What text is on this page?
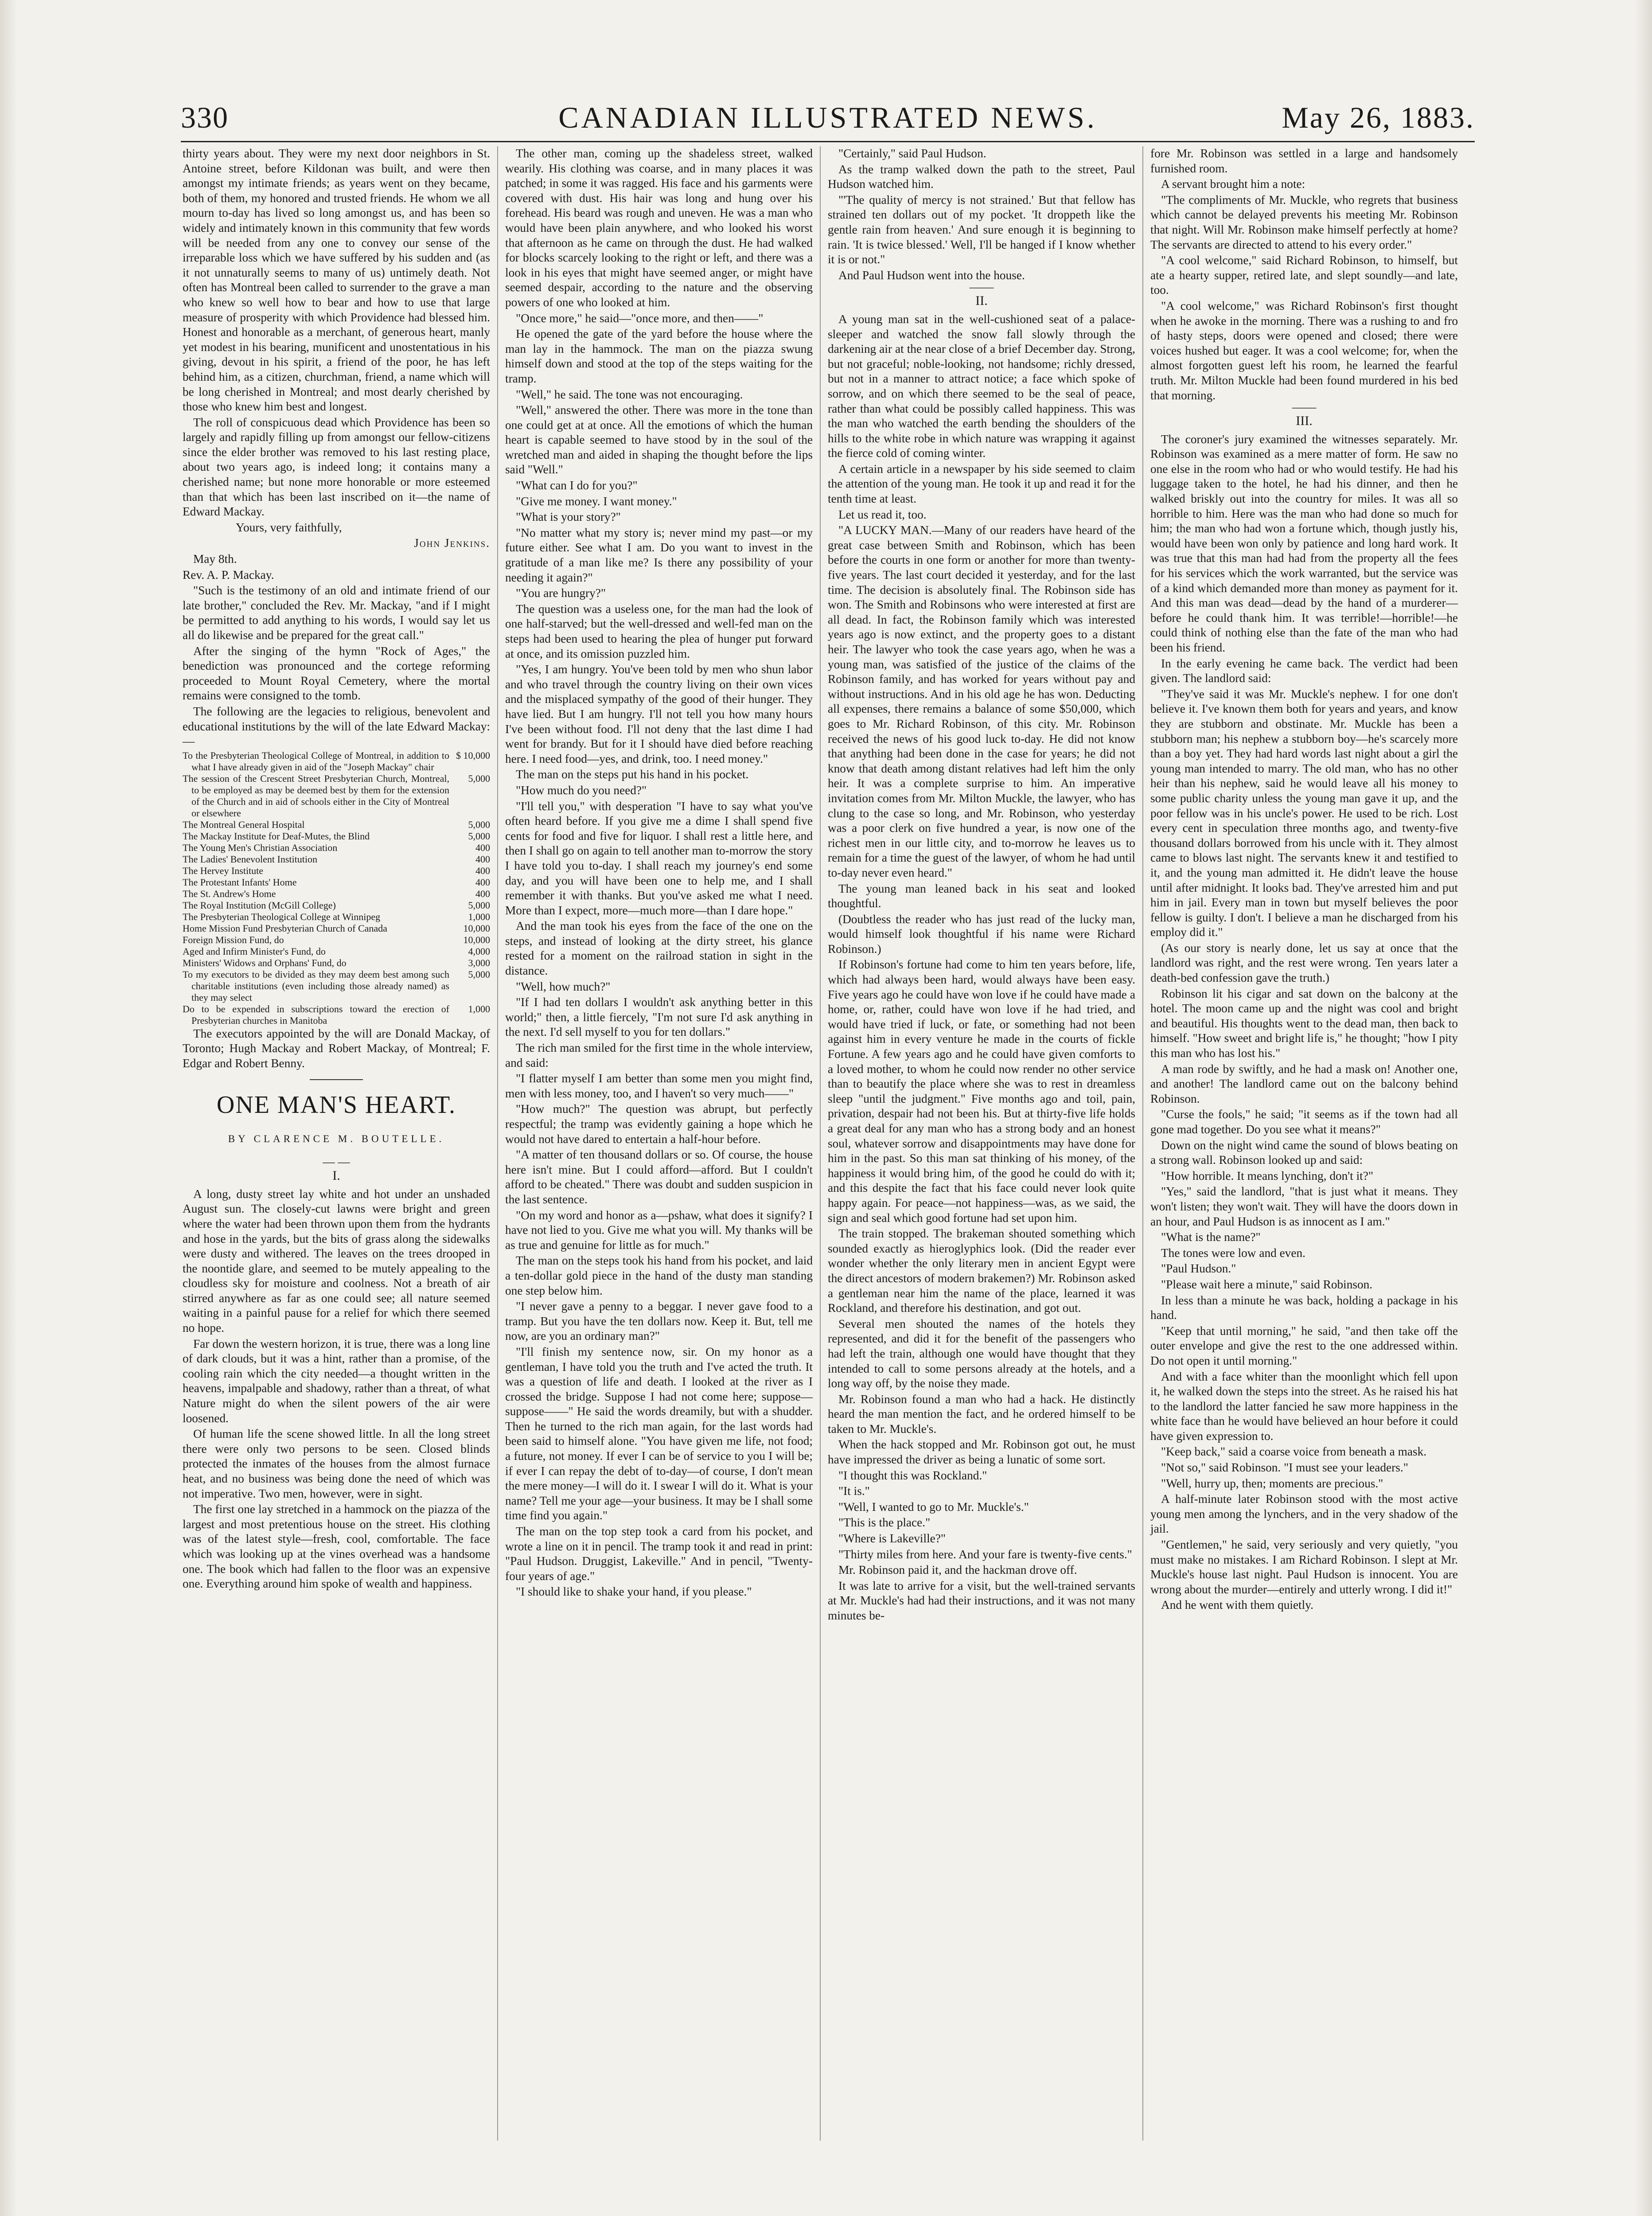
330	CANADIAN ILLUSTRATED NEWS.	May 26, 1883.

thirty years about. They were my next door neighbors in St. Antoine street, before Kildonan was built, and were then amongst my intimate friends; as years went on they became, both of them, my honored and trusted friends. He whom we all mourn to-day has lived so long amongst us, and has been so widely and intimately known in this community that few words will be needed from any one to convey our sense of the irreparable loss which we have suffered by his sudden and (as it not unnaturally seems to many of us) untimely death. Not often has Montreal been called to surrender to the grave a man who knew so well how to bear and how to use that large measure of prosperity with which Providence had blessed him. Honest and honorable as a merchant, of generous heart, manly yet modest in his bearing, munificent and unostentatious in his giving, devout in his spirit, a friend of the poor, he has left behind him, as a citizen, churchman, friend, a name which will be long cherished in Montreal; and most dearly cherished by those who knew him best and longest.

The roll of conspicuous dead which Providence has been so largely and rapidly filling up from amongst our fellow-citizens since the elder brother was removed to his last resting place, about two years ago, is indeed long; it contains many a cherished name; but none more honorable or more esteemed than that which has been last inscribed on it—the name of Edward Mackay.

Yours, very faithfully,

John Jenkins.

May 8th.

Rev. A. P. Mackay.

"Such is the testimony of an old and intimate friend of our late brother," concluded the Rev. Mr. Mackay, "and if I might be permitted to add anything to his words, I would say let us all do likewise and be prepared for the great call."

After the singing of the hymn "Rock of Ages," the benediction was pronounced and the cortege reforming proceeded to Mount Royal Cemetery, where the mortal remains were consigned to the tomb.

The following are the legacies to religious, benevolent and educational institutions by the will of the late Edward Mackay:—

To the Presbyterian Theological College of Montreal, in addition to what I have already given in aid of the "Joseph Mackay" chair
$ 10,000
The session of the Crescent Street Presbyterian Church, Montreal, to be employed as may be deemed best by them for the extension of the Church and in aid of schools either in the City of Montreal or elsewhere
5,000
The Montreal General Hospital	5,000
The Mackay Institute for Deaf-Mutes, the Blind	5,000
The Young Men's Christian Association	400
The Ladies' Benevolent Institution	400
The Hervey Institute	400
The Protestant Infants' Home	400
The St. Andrew's Home	400
The Royal Institution (McGill College)	5,000
The Presbyterian Theological College at Winnipeg	1,000
Home Mission Fund Presbyterian Church of Canada	10,000
Foreign Mission Fund, do	10,000
Aged and Infirm Minister's Fund, do	4,000
Ministers' Widows and Orphans' Fund, do	3,000
To my executors to be divided as they may deem best among such charitable institutions (even including those already named) as they may select
5,000
Do to be expended in subscriptions toward the erection of Presbyterian churches in Manitoba
1,000

The executors appointed by the will are Donald Mackay, of Toronto; Hugh Mackay and Robert Mackay, of Montreal; F. Edgar and Robert Benny.

ONE MAN'S HEART.
BY CLARENCE M. BOUTELLE.
— —
I.

A long, dusty street lay white and hot under an unshaded August sun. The closely-cut lawns were bright and green where the water had been thrown upon them from the hydrants and hose in the yards, but the bits of grass along the sidewalks were dusty and withered. The leaves on the trees drooped in the noontide glare, and seemed to be mutely appealing to the cloudless sky for moisture and coolness. Not a breath of air stirred anywhere as far as one could see; all nature seemed waiting in a painful pause for a relief for which there seemed no hope.

Far down the western horizon, it is true, there was a long line of dark clouds, but it was a hint, rather than a promise, of the cooling rain which the city needed—a thought written in the heavens, impalpable and shadowy, rather than a threat, of what Nature might do when the silent powers of the air were loosened.

Of human life the scene showed little. In all the long street there were only two persons to be seen. Closed blinds protected the inmates of the houses from the almost furnace heat, and no business was being done the need of which was not imperative. Two men, however, were in sight.

The first one lay stretched in a hammock on the piazza of the largest and most pretentious house on the street. His clothing was of the latest style—fresh, cool, comfortable. The face which was looking up at the vines overhead was a handsome one. The book which had fallen to the floor was an expensive one. Everything around him spoke of wealth and happiness.

The other man, coming up the shadeless street, walked wearily. His clothing was coarse, and in many places it was patched; in some it was ragged. His face and his garments were covered with dust. His hair was long and hung over his forehead. His beard was rough and uneven. He was a man who would have been plain anywhere, and who looked his worst that afternoon as he came on through the dust. He had walked for blocks scarcely looking to the right or left, and there was a look in his eyes that might have seemed anger, or might have seemed despair, according to the nature and the observing powers of one who looked at him.

"Once more," he said—"once more, and then——"

He opened the gate of the yard before the house where the man lay in the hammock. The man on the piazza swung himself down and stood at the top of the steps waiting for the tramp.

"Well," he said. The tone was not encouraging.

"Well," answered the other. There was more in the tone than one could get at at once. All the emotions of which the human heart is capable seemed to have stood by in the soul of the wretched man and aided in shaping the thought before the lips said "Well."

"What can I do for you?"

"Give me money. I want money."

"What is your story?"

"No matter what my story is; never mind my past—or my future either. See what I am. Do you want to invest in the gratitude of a man like me? Is there any possibility of your needing it again?"

"You are hungry?"

The question was a useless one, for the man had the look of one half-starved; but the well-dressed and well-fed man on the steps had been used to hearing the plea of hunger put forward at once, and its omission puzzled him.

"Yes, I am hungry. You've been told by men who shun labor and who travel through the country living on their own vices and the misplaced sympathy of the good of their hunger. They have lied. But I am hungry. I'll not tell you how many hours I've been without food. I'll not deny that the last dime I had went for brandy. But for it I should have died before reaching here. I need food—yes, and drink, too. I need money."

The man on the steps put his hand in his pocket.

"How much do you need?"

"I'll tell you," with desperation "I have to say what you've often heard before. If you give me a dime I shall spend five cents for food and five for liquor. I shall rest a little here, and then I shall go on again to tell another man to-morrow the story I have told you to-day. I shall reach my journey's end some day, and you will have been one to help me, and I shall remember it with thanks. But you've asked me what I need. More than I expect, more—much more—than I dare hope."

And the man took his eyes from the face of the one on the steps, and instead of looking at the dirty street, his glance rested for a moment on the railroad station in sight in the distance.

"Well, how much?"

"If I had ten dollars I wouldn't ask anything better in this world;" then, a little fiercely, "I'm not sure I'd ask anything in the next. I'd sell myself to you for ten dollars."

The rich man smiled for the first time in the whole interview, and said:

"I flatter myself I am better than some men you might find, men with less money, too, and I haven't so very much——"

"How much?" The question was abrupt, but perfectly respectful; the tramp was evidently gaining a hope which he would not have dared to entertain a half-hour before.

"A matter of ten thousand dollars or so. Of course, the house here isn't mine. But I could afford—afford. But I couldn't afford to be cheated." There was doubt and sudden suspicion in the last sentence.

"On my word and honor as a—pshaw, what does it signify? I have not lied to you. Give me what you will. My thanks will be as true and genuine for little as for much."

The man on the steps took his hand from his pocket, and laid a ten-dollar gold piece in the hand of the dusty man standing one step below him.

"I never gave a penny to a beggar. I never gave food to a tramp. But you have the ten dollars now. Keep it. But, tell me now, are you an ordinary man?"

"I'll finish my sentence now, sir. On my honor as a gentleman, I have told you the truth and I've acted the truth. It was a question of life and death. I looked at the river as I crossed the bridge. Suppose I had not come here; suppose—suppose——" He said the words dreamily, but with a shudder. Then he turned to the rich man again, for the last words had been said to himself alone. "You have given me life, not food; a future, not money. If ever I can be of service to you I will be; if ever I can repay the debt of to-day—of course, I don't mean the mere money—I will do it. I swear I will do it. What is your name? Tell me your age—your business. It may be I shall some time find you again."

The man on the top step took a card from his pocket, and wrote a line on it in pencil. The tramp took it and read in print: "Paul Hudson. Druggist, Lakeville." And in pencil, "Twenty-four years of age."

"I should like to shake your hand, if you please."

"Certainly," said Paul Hudson.

As the tramp walked down the path to the street, Paul Hudson watched him.

"'The quality of mercy is not strained.' But that fellow has strained ten dollars out of my pocket. 'It droppeth like the gentle rain from heaven.' And sure enough it is beginning to rain. 'It is twice blessed.' Well, I'll be hanged if I know whether it is or not."

And Paul Hudson went into the house.

——
II.

A young man sat in the well-cushioned seat of a palace-sleeper and watched the snow fall slowly through the darkening air at the near close of a brief December day. Strong, but not graceful; noble-looking, not handsome; richly dressed, but not in a manner to attract notice; a face which spoke of sorrow, and on which there seemed to be the seal of peace, rather than what could be possibly called happiness. This was the man who watched the earth bending the shoulders of the hills to the white robe in which nature was wrapping it against the fierce cold of coming winter.

A certain article in a newspaper by his side seemed to claim the attention of the young man. He took it up and read it for the tenth time at least.

Let us read it, too.

"A LUCKY MAN.—Many of our readers have heard of the great case between Smith and Robinson, which has been before the courts in one form or another for more than twenty-five years. The last court decided it yesterday, and for the last time. The decision is absolutely final. The Robinson side has won. The Smith and Robinsons who were interested at first are all dead. In fact, the Robinson family which was interested years ago is now extinct, and the property goes to a distant heir. The lawyer who took the case years ago, when he was a young man, was satisfied of the justice of the claims of the Robinson family, and has worked for years without pay and without instructions. And in his old age he has won. Deducting all expenses, there remains a balance of some $50,000, which goes to Mr. Richard Robinson, of this city. Mr. Robinson received the news of his good luck to-day. He did not know that anything had been done in the case for years; he did not know that death among distant relatives had left him the only heir. It was a complete surprise to him. An imperative invitation comes from Mr. Milton Muckle, the lawyer, who has clung to the case so long, and Mr. Robinson, who yesterday was a poor clerk on five hundred a year, is now one of the richest men in our little city, and to-morrow he leaves us to remain for a time the guest of the lawyer, of whom he had until to-day never even heard."

The young man leaned back in his seat and looked thoughtful.

(Doubtless the reader who has just read of the lucky man, would himself look thoughtful if his name were Richard Robinson.)

If Robinson's fortune had come to him ten years before, life, which had always been hard, would always have been easy. Five years ago he could have won love if he could have made a home, or, rather, could have won love if he had tried, and would have tried if luck, or fate, or something had not been against him in every venture he made in the courts of fickle Fortune. A few years ago and he could have given comforts to a loved mother, to whom he could now render no other service than to beautify the place where she was to rest in dreamless sleep "until the judgment." Five months ago and toil, pain, privation, despair had not been his. But at thirty-five life holds a great deal for any man who has a strong body and an honest soul, whatever sorrow and disappointments may have done for him in the past. So this man sat thinking of his money, of the happiness it would bring him, of the good he could do with it; and this despite the fact that his face could never look quite happy again. For peace—not happiness—was, as we said, the sign and seal which good fortune had set upon him.

The train stopped. The brakeman shouted something which sounded exactly as hieroglyphics look. (Did the reader ever wonder whether the only literary men in ancient Egypt were the direct ancestors of modern brakemen?) Mr. Robinson asked a gentleman near him the name of the place, learned it was Rockland, and therefore his destination, and got out.

Several men shouted the names of the hotels they represented, and did it for the benefit of the passengers who had left the train, although one would have thought that they intended to call to some persons already at the hotels, and a long way off, by the noise they made.

Mr. Robinson found a man who had a hack. He distinctly heard the man mention the fact, and he ordered himself to be taken to Mr. Muckle's.

When the hack stopped and Mr. Robinson got out, he must have impressed the driver as being a lunatic of some sort.

"I thought this was Rockland."

"It is."

"Well, I wanted to go to Mr. Muckle's."

"This is the place."

"Where is Lakeville?"

"Thirty miles from here. And your fare is twenty-five cents."

Mr. Robinson paid it, and the hackman drove off.

It was late to arrive for a visit, but the well-trained servants at Mr. Muckle's had had their instructions, and it was not many minutes be-

fore Mr. Robinson was settled in a large and handsomely furnished room.

A servant brought him a note:

"The compliments of Mr. Muckle, who regrets that business which cannot be delayed prevents his meeting Mr. Robinson that night. Will Mr. Robinson make himself perfectly at home? The servants are directed to attend to his every order."

"A cool welcome," said Richard Robinson, to himself, but ate a hearty supper, retired late, and slept soundly—and late, too.

"A cool welcome," was Richard Robinson's first thought when he awoke in the morning. There was a rushing to and fro of hasty steps, doors were opened and closed; there were voices hushed but eager. It was a cool welcome; for, when the almost forgotten guest left his room, he learned the fearful truth. Mr. Milton Muckle had been found murdered in his bed that morning.

——
III.

The coroner's jury examined the witnesses separately. Mr. Robinson was examined as a mere matter of form. He saw no one else in the room who had or who would testify. He had his luggage taken to the hotel, he had his dinner, and then he walked briskly out into the country for miles. It was all so horrible to him. Here was the man who had done so much for him; the man who had won a fortune which, though justly his, would have been won only by patience and long hard work. It was true that this man had had from the property all the fees for his services which the work warranted, but the service was of a kind which demanded more than money as payment for it. And this man was dead—dead by the hand of a murderer—before he could thank him. It was terrible!—horrible!—he could think of nothing else than the fate of the man who had been his friend.

In the early evening he came back. The verdict had been given. The landlord said:

"They've said it was Mr. Muckle's nephew. I for one don't believe it. I've known them both for years and years, and know they are stubborn and obstinate. Mr. Muckle has been a stubborn man; his nephew a stubborn boy—he's scarcely more than a boy yet. They had hard words last night about a girl the young man intended to marry. The old man, who has no other heir than his nephew, said he would leave all his money to some public charity unless the young man gave it up, and the poor fellow was in his uncle's power. He used to be rich. Lost every cent in speculation three months ago, and twenty-five thousand dollars borrowed from his uncle with it. They almost came to blows last night. The servants knew it and testified to it, and the young man admitted it. He didn't leave the house until after midnight. It looks bad. They've arrested him and put him in jail. Every man in town but myself believes the poor fellow is guilty. I don't. I believe a man he discharged from his employ did it."

(As our story is nearly done, let us say at once that the landlord was right, and the rest were wrong. Ten years later a death-bed confession gave the truth.)

Robinson lit his cigar and sat down on the balcony at the hotel. The moon came up and the night was cool and bright and beautiful. His thoughts went to the dead man, then back to himself. "How sweet and bright life is," he thought; "how I pity this man who has lost his."

A man rode by swiftly, and he had a mask on! Another one, and another! The landlord came out on the balcony behind Robinson.

"Curse the fools," he said; "it seems as if the town had all gone mad together. Do you see what it means?"

Down on the night wind came the sound of blows beating on a strong wall. Robinson looked up and said:

"How horrible. It means lynching, don't it?"

"Yes," said the landlord, "that is just what it means. They won't listen; they won't wait. They will have the doors down in an hour, and Paul Hudson is as innocent as I am."

"What is the name?"

The tones were low and even.

"Paul Hudson."

"Please wait here a minute," said Robinson.

In less than a minute he was back, holding a package in his hand.

"Keep that until morning," he said, "and then take off the outer envelope and give the rest to the one addressed within. Do not open it until morning."

And with a face whiter than the moonlight which fell upon it, he walked down the steps into the street. As he raised his hat to the landlord the latter fancied he saw more happiness in the white face than he would have believed an hour before it could have given expression to.

"Keep back," said a coarse voice from beneath a mask.

"Not so," said Robinson. "I must see your leaders."

"Well, hurry up, then; moments are precious."

A half-minute later Robinson stood with the most active young men among the lynchers, and in the very shadow of the jail.

"Gentlemen," he said, very seriously and very quietly, "you must make no mistakes. I am Richard Robinson. I slept at Mr. Muckle's house last night. Paul Hudson is innocent. You are wrong about the murder—entirely and utterly wrong. I did it!"

And he went with them quietly.
